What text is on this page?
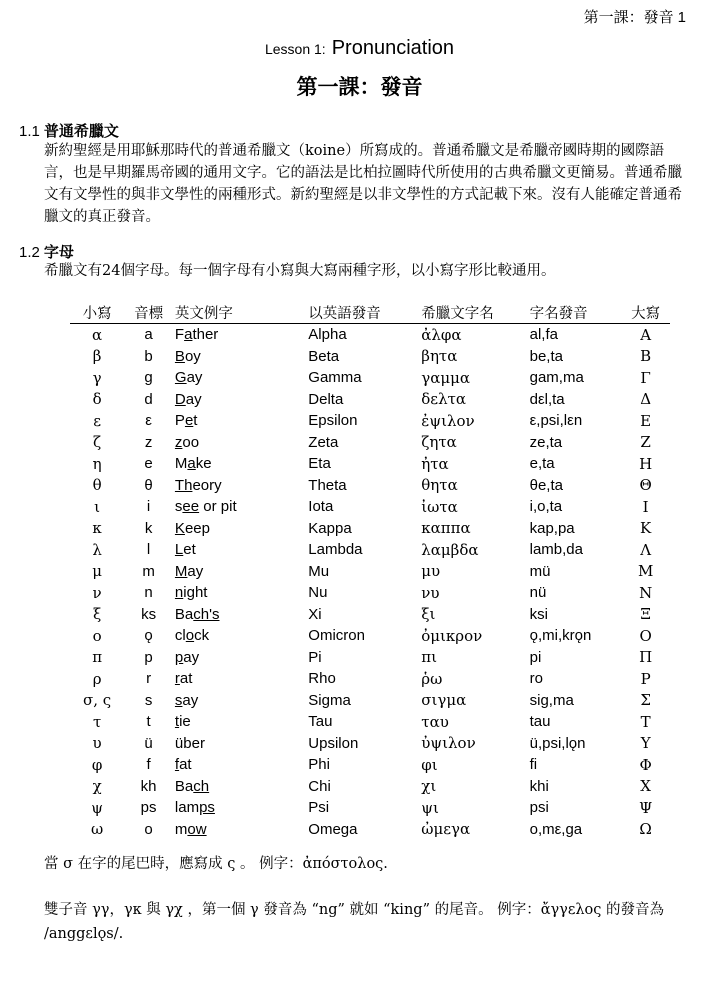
第一課：發音 1
Lesson 1: Pronunciation
第一課：發音
1.1 普通希臘文
新約聖經是用耶穌那時代的普通希臘文（koine）所寫成的。普通希臘文是希臘帝國時期的國際語言，也是早期羅馬帝國的通用文字。它的語法是比柏拉圖時代所使用的古典希臘文更簡易。普通希臘文有文學性的與非文學性的兩種形式。新約聖經是以非文學性的方式記載下來。沒有人能確定普通希臘文的真正發音。
1.2 字母
希臘文有24個字母。每一個字母有小寫與大寫兩種字形，以小寫字形比較通用。
小寫	音標	英文例字	以英語發音	希臘文字名	字名發音	大寫
α	a	Father	Alpha	ἀλφα	al,fa	Α
β	b	Boy	Beta	βητα	be,ta	Β
γ	g	Gay	Gamma	γαμμα	gam,ma	Γ
δ	d	Day	Delta	δελτα	dεl,ta	Δ
ε	ε	Pet	Epsilon	ἐψιλον	ε,psi,lεn	Ε
ζ	z	zoo	Zeta	ζητα	ze,ta	Ζ
η	e	Make	Eta	ἠτα	e,ta	Η
θ	θ	Theory	Theta	θητα	θe,ta	Θ
ι	i	see or pit	Iota	ἰωτα	i,o,ta	Ι
κ	k	Keep	Kappa	καππα	kap,pa	Κ
λ	l	Let	Lambda	λαμβδα	lamb,da	Λ
μ	m	May	Mu	μυ	mü	Μ
ν	n	night	Nu	νυ	nü	Ν
ξ	ks	Bach's	Xi	ξι	ksi	Ξ
ο	ǫ	clock	Omicron	ὀμικρον	ǫ,mi,krǫn	Ο
π	p	pay	Pi	πι	pi	Π
ρ	r	rat	Rho	ῥω	ro	Ρ
σ, ς	s	say	Sigma	σιγμα	sig,ma	Σ
τ	t	tie	Tau	ταυ	tau	Τ
υ	ü	über	Upsilon	ὐψιλον	ü,psi,lǫn	Υ
φ	f	fat	Phi	φι	fi	Φ
χ	kh	Bach	Chi	χι	khi	Χ
ψ	ps	lamps	Psi	ψι	psi	Ψ
ω	o	mow	Omega	ὠμεγα	o,mε,ga	Ω
當 σ 在字的尾巴時，應寫成 ς 。 例字：ἀπόστολος.
雙子音 γγ，γκ 與 γχ ，第一個 γ 發音為 “ng” 就如 “king” 的尾音。 例字：ἄγγελος 的發音為 /anggεlǫs/.
